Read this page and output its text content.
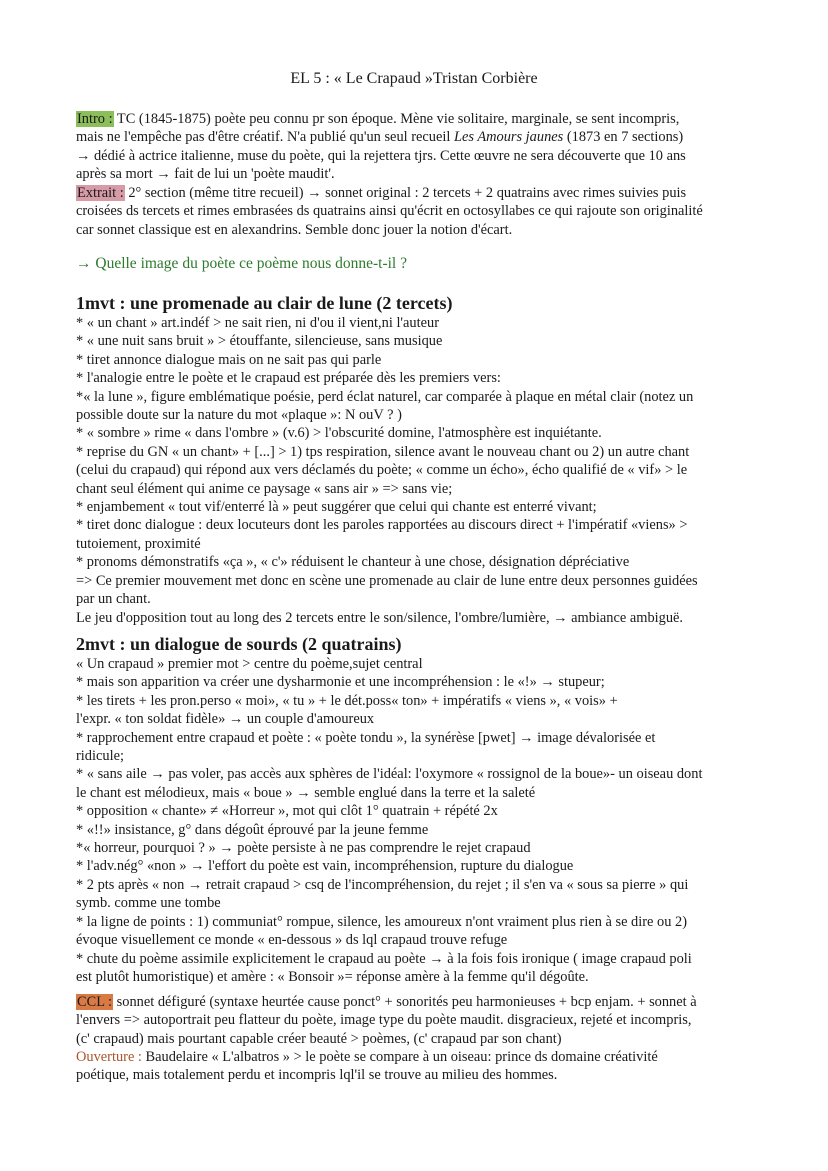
EL 5 : « Le Crapaud »Tristan Corbière
Intro : TC (1845-1875) poète peu connu pr son époque. Mène vie solitaire, marginale, se sent incompris,
mais ne l'empêche pas d'être créatif. N'a publié qu'un seul recueil Les Amours jaunes (1873 en 7 sections)
→ dédié à actrice italienne, muse du poète, qui la rejettera tjrs. Cette œuvre ne sera découverte que 10 ans
après sa mort → fait de lui un 'poète maudit'.
Extrait : 2° section (même titre recueil) → sonnet original : 2 tercets + 2 quatrains avec rimes suivies puis
croisées ds tercets et rimes embrasées ds quatrains ainsi qu'écrit en octosyllabes ce qui rajoute son originalité
car sonnet classique est en alexandrins. Semble donc jouer la notion d'écart.
→ Quelle image du poète ce poème nous donne-t-il ?
1mvt : une promenade au clair de lune (2 tercets)
* « un chant » art.indéf > ne sait rien, ni d'ou il vient,ni l'auteur
* « une nuit sans bruit » > étouffante, silencieuse, sans musique
* tiret annonce dialogue mais on ne sait pas qui parle
* l'analogie entre le poète et le crapaud est préparée dès les premiers vers:
*« la lune », figure emblématique poésie, perd éclat naturel, car comparée à plaque en métal clair (notez un
possible doute sur la nature du mot «plaque »: N ouV ? )
* « sombre » rime « dans l'ombre » (v.6) > l'obscurité domine, l'atmosphère est inquiétante.
* reprise du GN « un chant» + [...] > 1) tps respiration, silence avant le nouveau chant ou 2) un autre chant
(celui du crapaud) qui répond aux vers déclamés du poète; « comme un écho», écho qualifié de « vif» > le
chant seul élément qui anime ce paysage « sans air » => sans vie;
* enjambement « tout vif/enterré là » peut suggérer que celui qui chante est enterré vivant;
* tiret donc dialogue : deux locuteurs dont les paroles rapportées au discours direct + l'impératif «viens» >
tutoiement, proximité
* pronoms démonstratifs «ça », « c'» réduisent le chanteur à une chose, désignation dépréciative
=> Ce premier mouvement met donc en scène une promenade au clair de lune entre deux personnes guidées
par un chant.
Le jeu d'opposition tout au long des 2 tercets entre le son/silence, l'ombre/lumière, → ambiance ambiguë.
2mvt : un dialogue de sourds (2 quatrains)
« Un crapaud » premier mot > centre du poème,sujet central
* mais son apparition va créer une dysharmonie et une incompréhension : le «!» → stupeur;
* les tirets + les pron.perso « moi», « tu » + le dét.poss« ton» + impératifs « viens », « vois» +
l'expr. « ton soldat fidèle» → un couple d'amoureux
* rapprochement entre crapaud et poète : « poète tondu », la synérèse [pwet] → image dévalorisée et
ridicule;
* « sans aile → pas voler, pas accès aux sphères de l'idéal: l'oxymore « rossignol de la boue»- un oiseau dont
le chant est mélodieux, mais « boue » → semble englué dans la terre et la saleté
* opposition « chante» ≠ «Horreur », mot qui clôt 1° quatrain + répété 2x
* «!!» insistance, g° dans dégoût éprouvé par la jeune femme
*« horreur, pourquoi ? » → poète persiste à ne pas comprendre le rejet crapaud
* l'adv.nég° «non » → l'effort du poète est vain, incompréhension, rupture du dialogue
* 2 pts après « non → retrait crapaud > csq de l'incompréhension, du rejet ; il s'en va « sous sa pierre » qui
symb. comme une tombe
* la ligne de points : 1) communiat° rompue, silence, les amoureux n'ont vraiment plus rien à se dire ou 2)
évoque visuellement ce monde « en-dessous » ds lql crapaud trouve refuge
* chute du poème assimile explicitement le crapaud au poète → à la fois fois ironique ( image crapaud poli
est plutôt humoristique) et amère : « Bonsoir »= réponse amère à la femme qu'il dégoûte.
CCL : sonnet défiguré (syntaxe heurtée cause ponct° + sonorités peu harmonieuses + bcp enjam. + sonnet à
l'envers => autoportrait peu flatteur du poète, image type du poète maudit. disgracieux, rejeté et incompris,
(c' crapaud) mais pourtant capable créer beauté > poèmes, (c' crapaud par son chant)
Ouverture : Baudelaire « L'albatros » > le poète se compare à un oiseau: prince ds domaine créativité
poétique, mais totalement perdu et incompris lql'il se trouve au milieu des hommes.
